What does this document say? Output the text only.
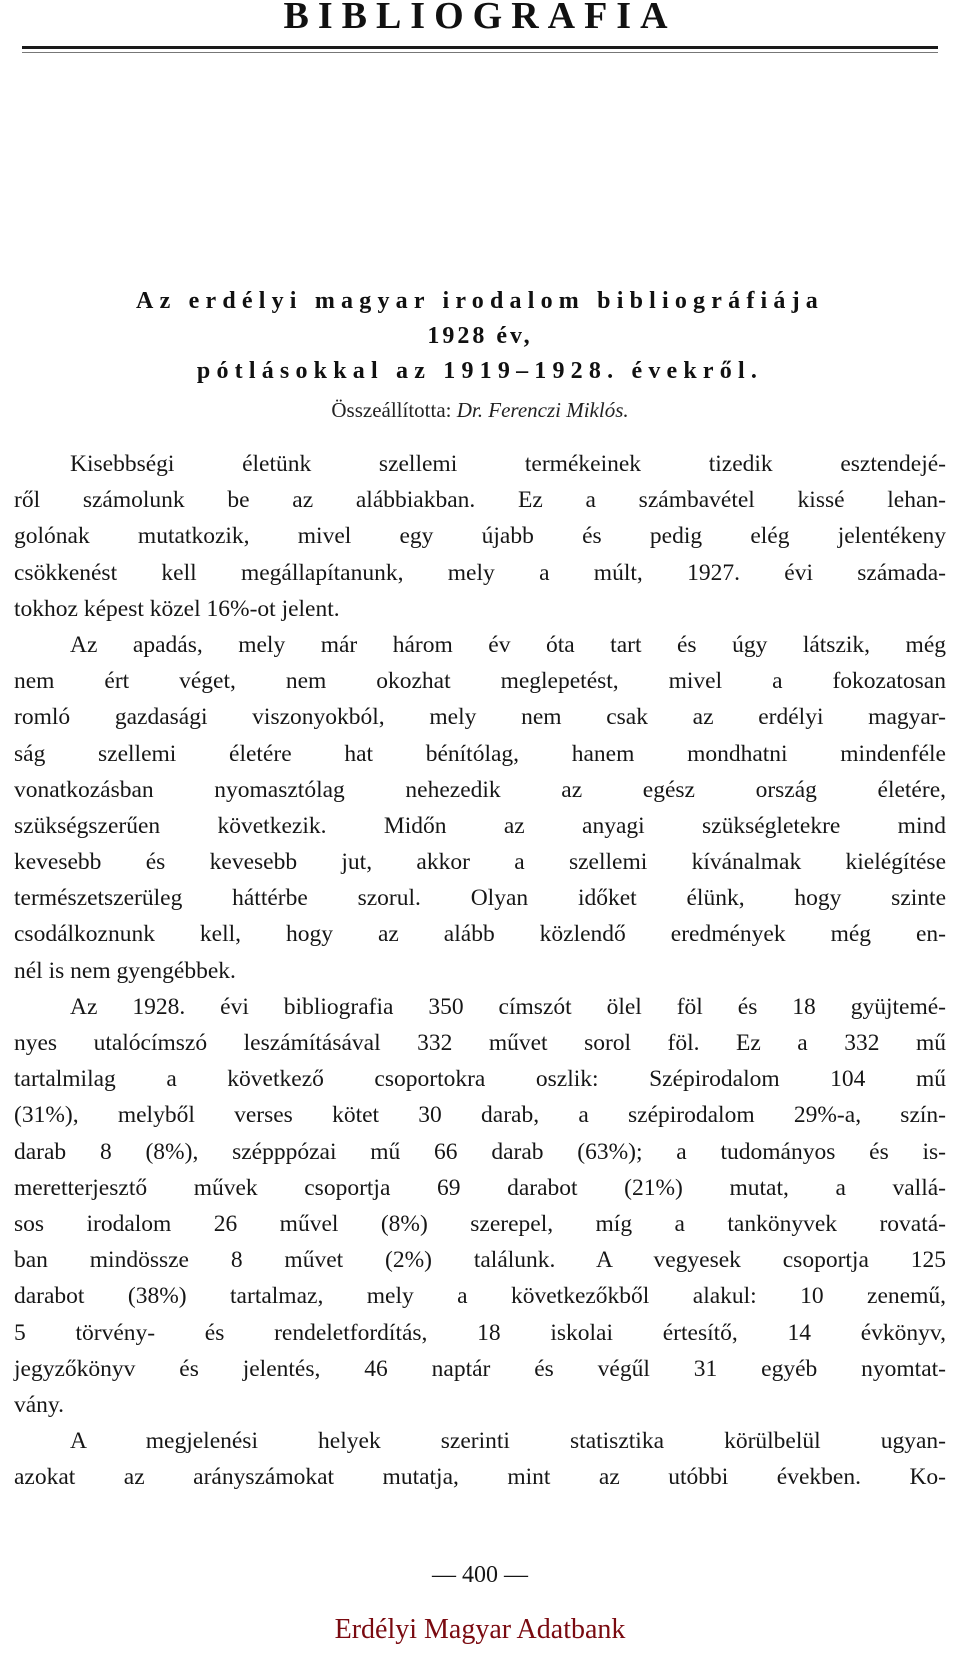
BIBLIOGRAFIA
Az erdélyi magyar irodalom bibliográfiája
1928 év,
pótlásokkal az 1919–1928. évekről.
Összeállította: Dr. Ferenczi Miklós.
Kisebbségi életünk szellemi termékeinek tizedik esztendejé-
ről számolunk be az alábbiakban. Ez a számbavétel kissé lehan-
golónak mutatkozik, mivel egy újabb és pedig elég jelentékeny
csökkenést kell megállapítanunk, mely a múlt, 1927. évi számada-
tokhoz képest közel 16%-ot jelent.
Az apadás, mely már három év óta tart és úgy látszik, még
nem ért véget, nem okozhat meglepetést, mivel a fokozatosan
romló gazdasági viszonyokból, mely nem csak az erdélyi magyar-
ság szellemi életére hat bénítólag, hanem mondhatni mindenféle
vonatkozásban nyomasztólag nehezedik az egész ország életére,
szükségszerűen következik. Midőn az anyagi szükségletekre mind
kevesebb és kevesebb jut, akkor a szellemi kívánalmak kielégítése
természetszerüleg háttérbe szorul. Olyan időket élünk, hogy szinte
csodálkoznunk kell, hogy az alább közlendő eredmények még en-
nél is nem gyengébbek.
Az 1928. évi bibliografia 350 címszót ölel föl és 18 gyüjtemé-
nyes utalócímszó leszámításával 332 művet sorol föl. Ez a 332 mű
tartalmilag a következő csoportokra oszlik: Szépirodalom 104 mű
(31%), melyből verses kötet 30 darab, a szépirodalom 29%-a, szín-
darab 8 (8%), széppрózai mű 66 darab (63%); a tudományos és is-
meretterjesztő művek csoportja 69 darabot (21%) mutat, a vallá-
sos irodalom 26 művel (8%) szerepel, míg a tankönyvek rovatá-
ban mindössze 8 művet (2%) találunk. A vegyesek csoportja 125
darabot (38%) tartalmaz, mely a következőkből alakul: 10 zenemű,
5 törvény- és rendeletfordítás, 18 iskolai értesítő, 14 évkönyv,
jegyzőkönyv és jelentés, 46 naptár és végűl 31 egyéb nyomtat-
vány.
A megjelenési helyek szerinti statisztika körülbelül ugyan-
azokat az arányszámokat mutatja, mint az utóbbi években. Ko-
— 400 —
Erdélyi Magyar Adatbank
